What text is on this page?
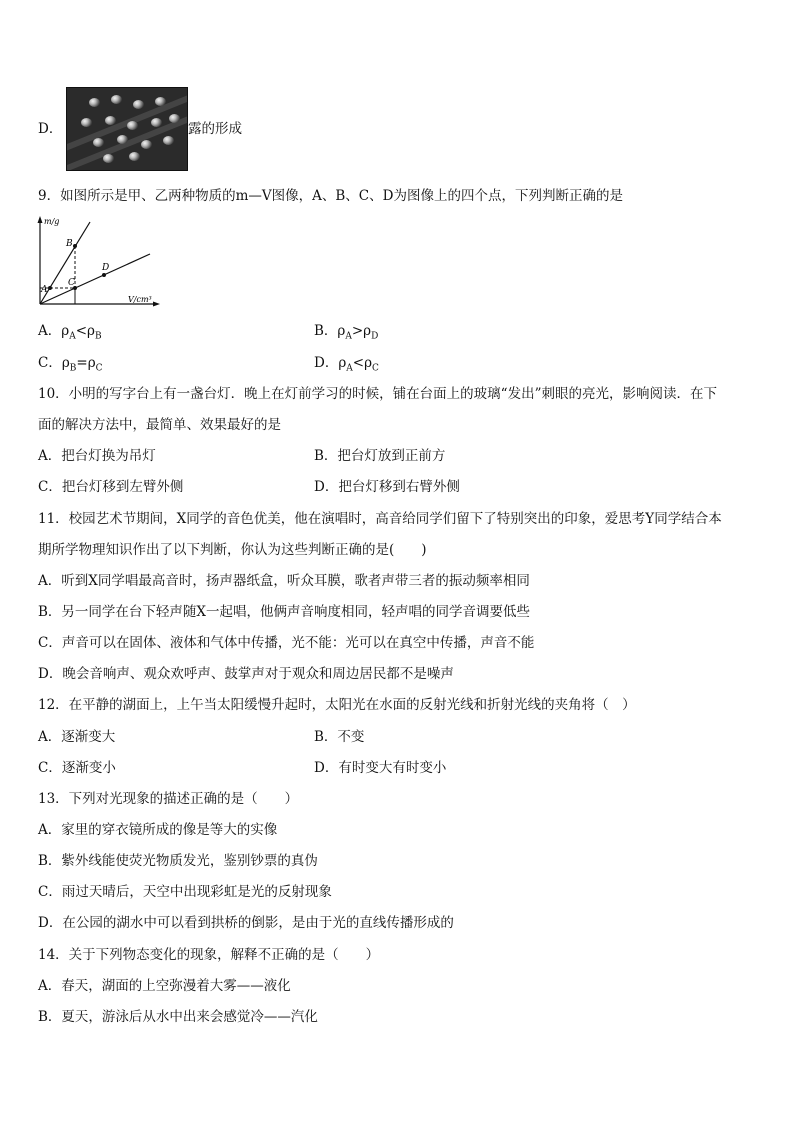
D．	露的形成
9．如图所示是甲、乙两种物质的m—V图像，A、B、C、D为图像上的四个点，下列判断正确的是
m/g
V/cm³
A
B
C
D
A．$\rho_A<\rho_B$	B．$\rho_A>\rho_D$
C．$\rho_B=\rho_C$	D．$\rho_A<\rho_C$
10．小明的写字台上有一盏台灯．晚上在灯前学习的时候，铺在台面上的玻璃“发出”刺眼的亮光，影响阅读．在下
面的解决方法中，最简单、效果最好的是
A．把台灯换为吊灯	B．把台灯放到正前方
C．把台灯移到左臂外侧	D．把台灯移到右臂外侧
11．校园艺术节期间，X同学的音色优美，他在演唱时，高音给同学们留下了特别突出的印象，爱思考Y同学结合本
期所学物理知识作出了以下判断，你认为这些判断正确的是(　　)
A．听到X同学唱最高音时，扬声器纸盒，听众耳膜，歌者声带三者的振动频率相同
B．另一同学在台下轻声随X一起唱，他俩声音响度相同，轻声唱的同学音调要低些
C．声音可以在固体、液体和气体中传播，光不能：光可以在真空中传播，声音不能
D．晚会音响声、观众欢呼声、鼓掌声对于观众和周边居民都不是噪声
12．在平静的湖面上，上午当太阳缓慢升起时，太阳光在水面的反射光线和折射光线的夹角将（　）
A．逐渐变大	B．不变
C．逐渐变小	D．有时变大有时变小
13．下列对光现象的描述正确的是（　　）
A．家里的穿衣镜所成的像是等大的实像
B．紫外线能使荧光物质发光，鉴别钞票的真伪
C．雨过天晴后，天空中出现彩虹是光的反射现象
D．在公园的湖水中可以看到拱桥的倒影，是由于光的直线传播形成的
14．关于下列物态变化的现象，解释不正确的是（　　）
A．春天，湖面的上空弥漫着大雾——液化
B．夏天，游泳后从水中出来会感觉冷——汽化
